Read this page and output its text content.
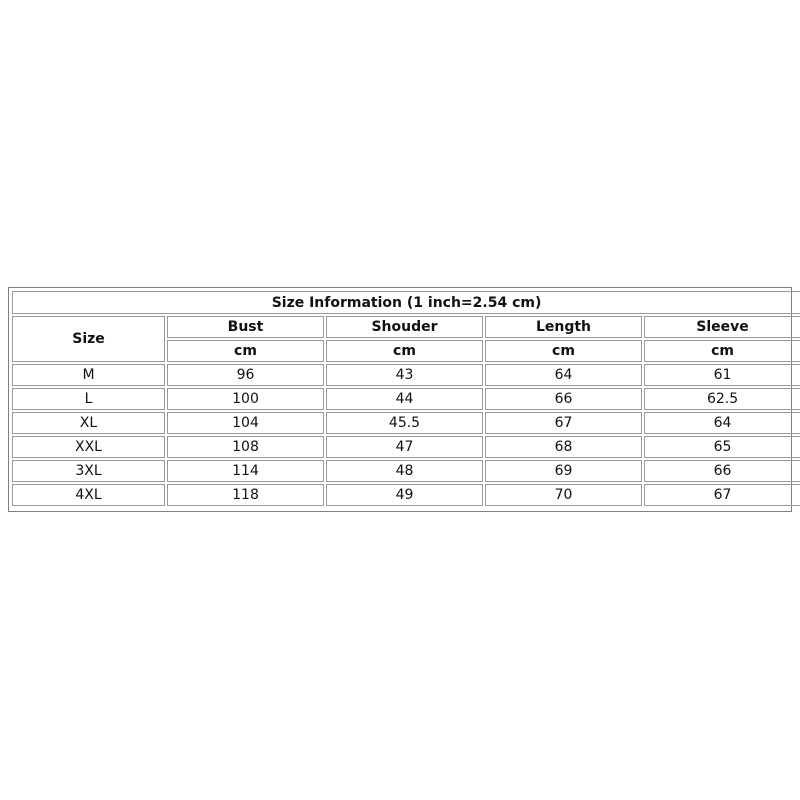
Size Information (1 inch=2.54 cm)				
Size	Bust	Shouder	Length	Sleeve
	cm	cm	cm	cm
M	96	43	64	61
L	100	44	66	62.5
XL	104	45.5	67	64
XXL	108	47	68	65
3XL	114	48	69	66
4XL	118	49	70	67
